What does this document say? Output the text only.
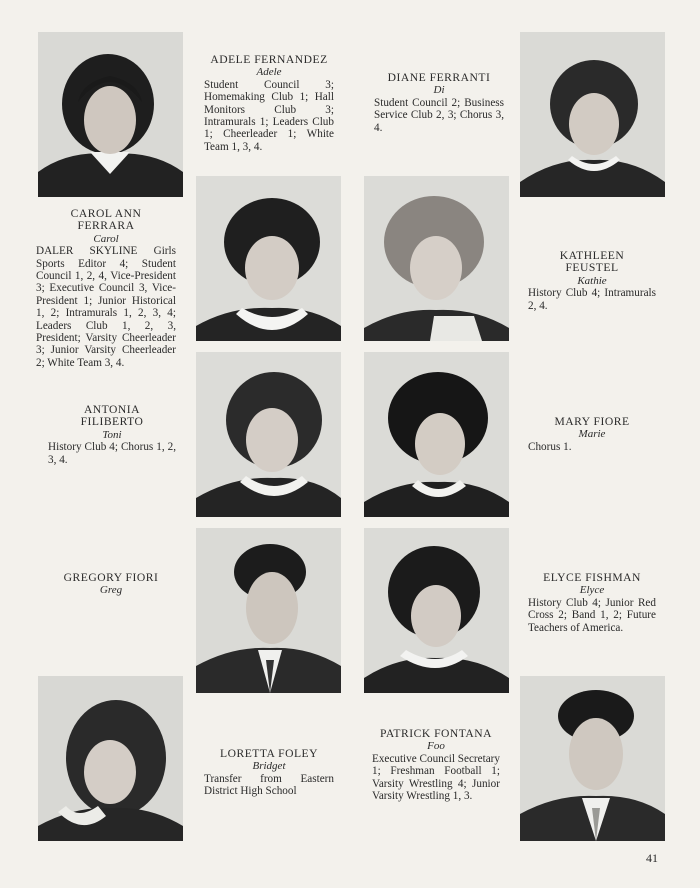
CAROL ANN FERRARA
Carol
DALER SKYLINE Girls Sports Editor 4; Student Council 1, 2, 4, Vice-President 3; Executive Council 3, Vice-President 1; Junior Historical 1, 2; Intramurals 1, 2, 3, 4; Leaders Club 1, 2, 3, President; Varsity Cheerleader 3; Junior Varsity Cheerleader 2; White Team 3, 4.
ADELE FERNANDEZ
Adele
Student Council 3; Homemaking Club 1; Hall Monitors Club 3; Intramurals 1; Leaders Club 1; Cheerleader 1; White Team 1, 3, 4.
DIANE FERRANTI
Di
Student Council 2; Business Service Club 2, 3; Chorus 3, 4.
KATHLEEN FEUSTEL
Kathie
History Club 4; Intramurals 2, 4.
ANTONIA FILIBERTO
Toni
History Club 4; Chorus 1, 2, 3, 4.
MARY FIORE
Marie
Chorus 1.
GREGORY FIORI
Greg
ELYCE FISHMAN
Elyce
History Club 4; Junior Red Cross 2; Band 1, 2; Future Teachers of America.
LORETTA FOLEY
Bridget
Transfer from Eastern District High School
PATRICK FONTANA
Foo
Executive Council Secretary 1; Freshman Football 1; Varsity Wrestling 4; Junior Varsity Wrestling 1, 3.
41
